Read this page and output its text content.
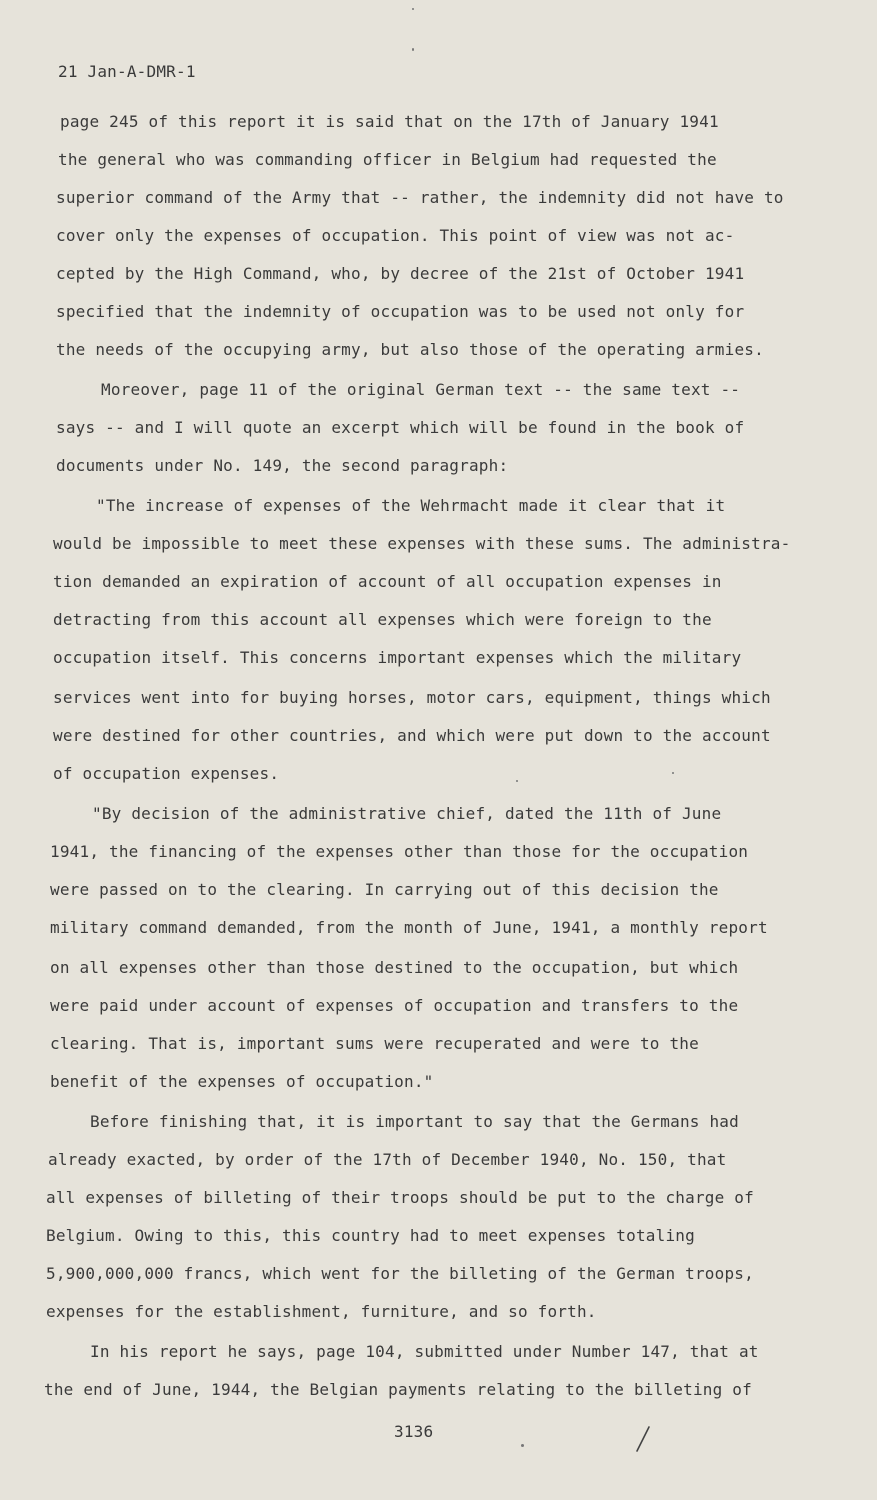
21 Jan-A-DMR-1
page 245 of this report it is said that on the 17th of January 1941
the general who was commanding officer in Belgium had requested the
superior command of the Army that -- rather, the indemnity did not have to
cover only the expenses of occupation. This point of view was not ac-
cepted by the High Command, who, by decree of the 21st of October 1941
specified that the indemnity of occupation was to be used not only for
the needs of the occupying army, but also those of the operating armies.
Moreover, page 11 of the original German text -- the same text --
says -- and I will quote an excerpt which will be found in the book of
documents under No. 149, the second paragraph:
"The increase of expenses of the Wehrmacht made it clear that it
would be impossible to meet these expenses with these sums. The administra-
tion demanded an expiration of account of all occupation expenses in
detracting from this account all expenses which were foreign to the
occupation itself. This concerns important expenses which the military
services went into for buying horses, motor cars, equipment, things which
were destined for other countries, and which were put down to the account
of occupation expenses.
"By decision of the administrative chief, dated the 11th of June
1941, the financing of the expenses other than those for the occupation
were passed on to the clearing. In carrying out of this decision the
military command demanded, from the month of June, 1941, a monthly report
on all expenses other than those destined to the occupation, but which
were paid under account of expenses of occupation and transfers to the
clearing. That is, important sums were recuperated and were to the
benefit of the expenses of occupation."
Before finishing that, it is important to say that the Germans had
already exacted, by order of the 17th of December 1940, No. 150, that
all expenses of billeting of their troops should be put to the charge of
Belgium. Owing to this, this country had to meet expenses totaling
5,900,000,000 francs, which went for the billeting of the German troops,
expenses for the establishment, furniture, and so forth.
In his report he says, page 104, submitted under Number 147, that at
the end of June, 1944, the Belgian payments relating to the billeting of
3136
